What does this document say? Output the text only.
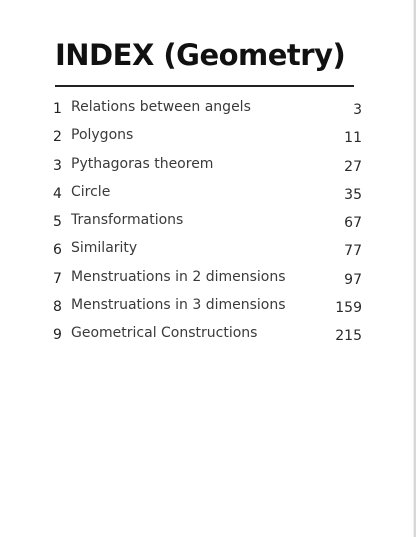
INDEX (Geometry)
1 Relations between angels	3
2 Polygons	11
3 Pythagoras theorem	27
4 Circle	35
5 Transformations	67
6 Similarity	77
7 Menstruations in 2 dimensions	97
8 Menstruations in 3 dimensions	159
9 Geometrical Constructions	215
